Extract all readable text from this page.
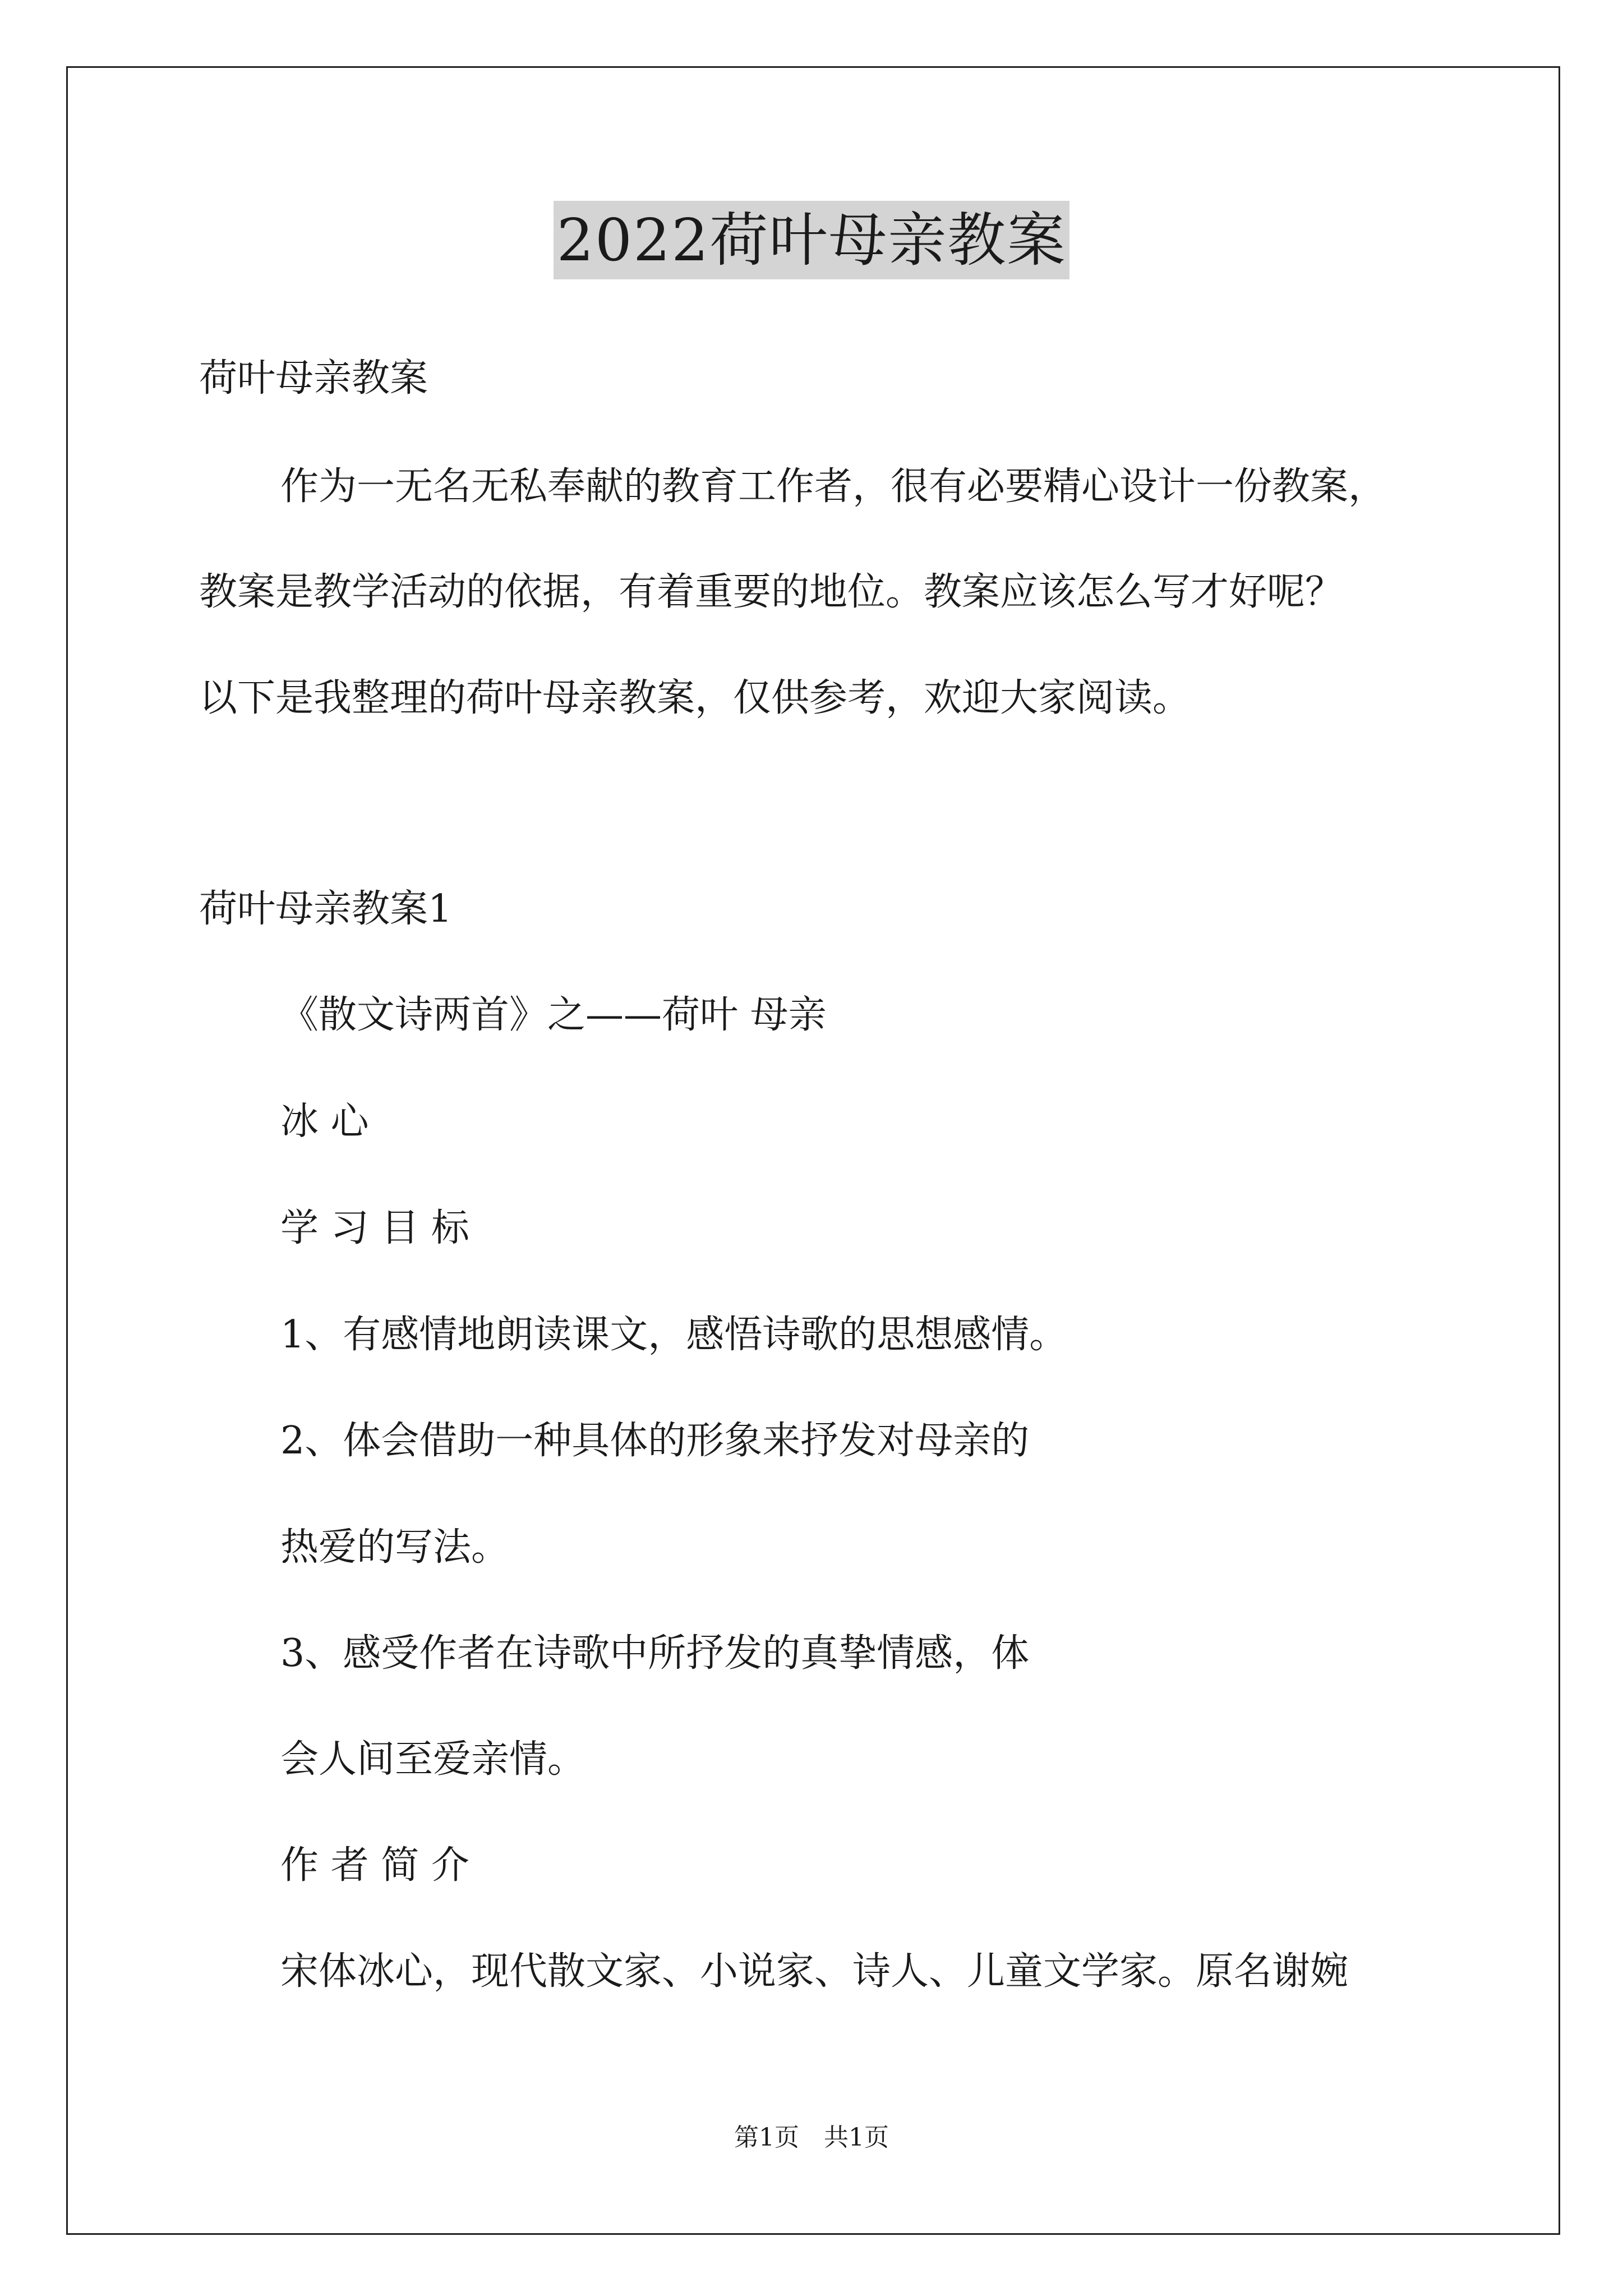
2022荷叶母亲教案
荷叶母亲教案
作为一无名无私奉献的教育工作者，很有必要精心设计一份教案，
教案是教学活动的依据，有着重要的地位。教案应该怎么写才好呢？
以下是我整理的荷叶母亲教案，仅供参考，欢迎大家阅读。
荷叶母亲教案1
《散文诗两首》之——荷叶 母亲
冰 心
学 习 目 标
1、有感情地朗读课文，感悟诗歌的思想感情。
2、体会借助一种具体的形象来抒发对母亲的
热爱的写法。
3、感受作者在诗歌中所抒发的真挚情感，体
会人间至爱亲情。
作 者 简 介
宋体冰心，现代散文家、小说家、诗人、儿童文学家。原名谢婉
第1页　共1页
